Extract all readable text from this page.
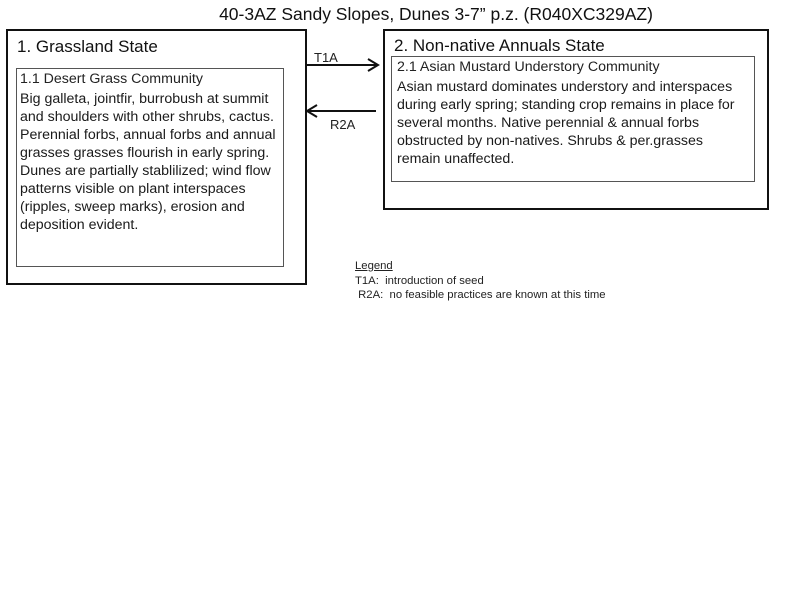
40-3AZ Sandy Slopes, Dunes 3-7” p.z. (R040XC329AZ)
1. Grassland State
1.1 Desert Grass Community
Big galleta, jointfir, burrobush at summit and shoulders with other shrubs, cactus. Perennial forbs, annual forbs and annual grasses grasses flourish in early spring. Dunes are partially stablilized; wind flow patterns visible on plant interspaces (ripples, sweep marks), erosion and deposition evident.
2. Non-native Annuals State
2.1 Asian Mustard Understory Community
Asian mustard dominates understory and interspaces during early spring; standing crop remains in place for several months. Native perennial & annual forbs obstructed by non-natives. Shrubs & per.grasses remain unaffected.
T1A
R2A
Legend
T1A:  introduction of seed
R2A:  no feasible practices are known at this time
